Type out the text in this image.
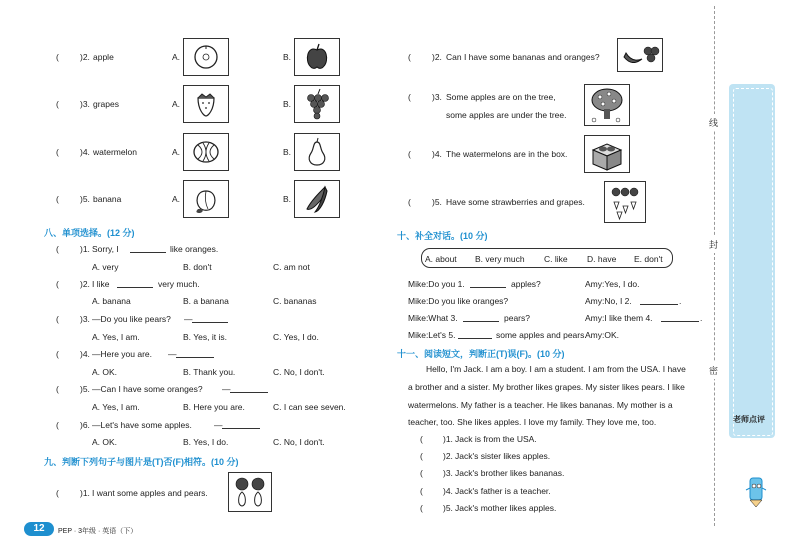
( )2. apple	A.	B.
( )3. grapes	A.	B.
( )4. watermelon	A.	B.
( )5. banana	A.	B.
八、单项选择。(12 分)
( )1. Sorry, I	like oranges.
A. very	B. don't	C. am not
( )2. I like	very much.
A. banana	B. a banana	C. bananas
( )3. —Do you like pears? —
A. Yes, I am.	B. Yes, it is.	C. Yes, I do.
( )4. —Here you are. —
A. OK.	B. Thank you.	C. No, I don't.
( )5. —Can I have some oranges? —
A. Yes, I am.	B. Here you are.	C. I can see seven.
( )6. —Let's have some apples.	—
A. OK.	B. Yes, I do.	C. No, I don't.
九、判断下列句子与图片是(T)否(F)相符。(10 分)
( )1. I want some apples and pears.
( )2. Can I have some bananas and oranges?
( )3. Some apples are on the tree,
some apples are under the tree.
( )4. The watermelons are in the box.
( )5. Have some strawberries and grapes.
十、补全对话。(10 分)
A. about B. very much C. like D. have E. don't
Mike:Do you 1.	apples?	Amy:Yes, I do.
Mike:Do you like oranges?	Amy:No, I 2.	.
Mike:What 3.	pears?	Amy:I like them 4.	.
Mike:Let's 5.	some apples and pears.
Amy:OK.
十一、阅读短文，判断正(T)误(F)。(10 分)
Hello, I'm Jack. I am a boy. I am a student. I am from the USA. I have
a brother and a sister. My brother likes grapes. My sister likes pears. I like
watermelons. My father is a teacher. He likes bananas. My mother is a
teacher, too. She likes apples. I love my family. They love me, too.
( )1. Jack is from the USA.
( )2. Jack's sister likes apples.
( )3. Jack's brother likes bananas.
( )4. Jack's father is a teacher.
( )5. Jack's mother likes apples.
线
封
密
老师点评
12	PEP · 3年级 · 英语（下）
